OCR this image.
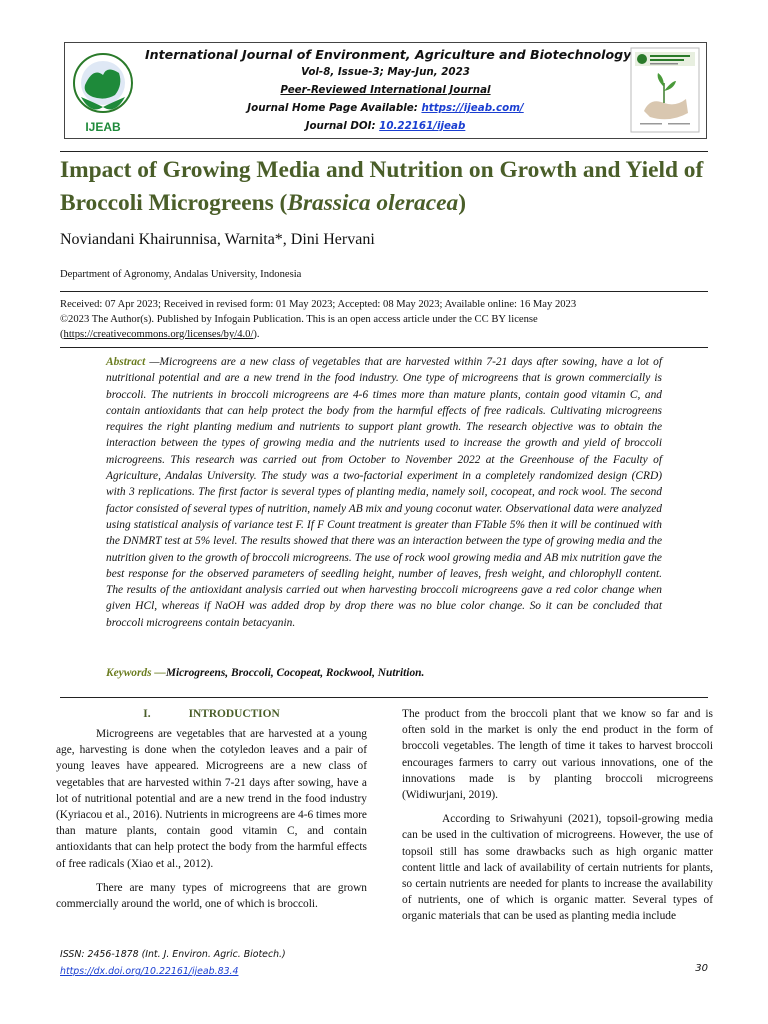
IJEAB
International Journal of Environment, Agriculture and Biotechnology
Vol-8, Issue-3; May-Jun, 2023
Peer-Reviewed International Journal
Journal Home Page Available: https://ijeab.com/
Journal DOI: 10.22161/ijeab
Impact of Growing Media and Nutrition on Growth and Yield of Broccoli Microgreens (Brassica oleracea)
Noviandani Khairunnisa, Warnita*, Dini Hervani
Department of Agronomy, Andalas University, Indonesia
Received: 07 Apr 2023; Received in revised form: 01 May 2023; Accepted: 08 May 2023; Available online: 16 May 2023
©2023 The Author(s). Published by Infogain Publication. This is an open access article under the CC BY license
(https://creativecommons.org/licenses/by/4.0/).
Abstract —Microgreens are a new class of vegetables that are harvested within 7-21 days after sowing, have a lot of nutritional potential and are a new trend in the food industry. One type of microgreens that is grown commercially is broccoli. The nutrients in broccoli microgreens are 4-6 times more than mature plants, contain good vitamin C, and contain antioxidants that can help protect the body from the harmful effects of free radicals. Cultivating microgreens requires the right planting medium and nutrients to support plant growth. The research objective was to obtain the interaction between the types of growing media and the nutrients used to increase the growth and yield of broccoli microgreens. This research was carried out from October to November 2022 at the Greenhouse of the Faculty of Agriculture, Andalas University. The study was a two-factorial experiment in a completely randomized design (CRD) with 3 replications. The first factor is several types of planting media, namely soil, cocopeat, and rock wool. The second factor consisted of several types of nutrition, namely AB mix and young coconut water. Observational data were analyzed using statistical analysis of variance test F. If F Count treatment is greater than FTable 5% then it will be continued with the DNMRT test at 5% level. The results showed that there was an interaction between the type of growing media and the nutrition given to the growth of broccoli microgreens. The use of rock wool growing media and AB mix nutrition gave the best response for the observed parameters of seedling height, number of leaves, fresh weight, and chlorophyll content. The results of the antioxidant analysis carried out when harvesting broccoli microgreens gave a red color change when given HCl, whereas if NaOH was added drop by drop there was no blue color change. So it can be concluded that broccoli microgreens contain betacyanin.
Keywords —Microgreens, Broccoli, Cocopeat, Rockwool, Nutrition.
I.	INTRODUCTION

Microgreens are vegetables that are harvested at a young age, harvesting is done when the cotyledon leaves and a pair of young leaves have appeared. Microgreens are a new class of vegetables that are harvested within 7-21 days after sowing, have a lot of nutritional potential and are a new trend in the food industry (Kyriacou et al., 2016). Nutrients in microgreens are 4-6 times more than mature plants, contain good vitamin C, and contain antioxidants that can help protect the body from the harmful effects of free radicals (Xiao et al., 2012).

There are many types of microgreens that are grown commercially around the world, one of which is broccoli.

The product from the broccoli plant that we know so far and is often sold in the market is only the end product in the form of broccoli vegetables. The length of time it takes to harvest broccoli encourages farmers to carry out various innovations, one of the innovations made is by planting broccoli microgreens (Widiwurjani, 2019).

According to Sriwahyuni (2021), topsoil-growing media can be used in the cultivation of microgreens. However, the use of topsoil still has some drawbacks such as high organic matter content little and lack of availability of certain nutrients for plants, so certain nutrients are needed for plants to increase the availability of nutrients, one of which is organic matter. Several types of organic materials that can be used as planting media include

ISSN: 2456-1878 (Int. J. Environ. Agric. Biotech.)
https://dx.doi.org/10.22161/ijeab.83.4	30
